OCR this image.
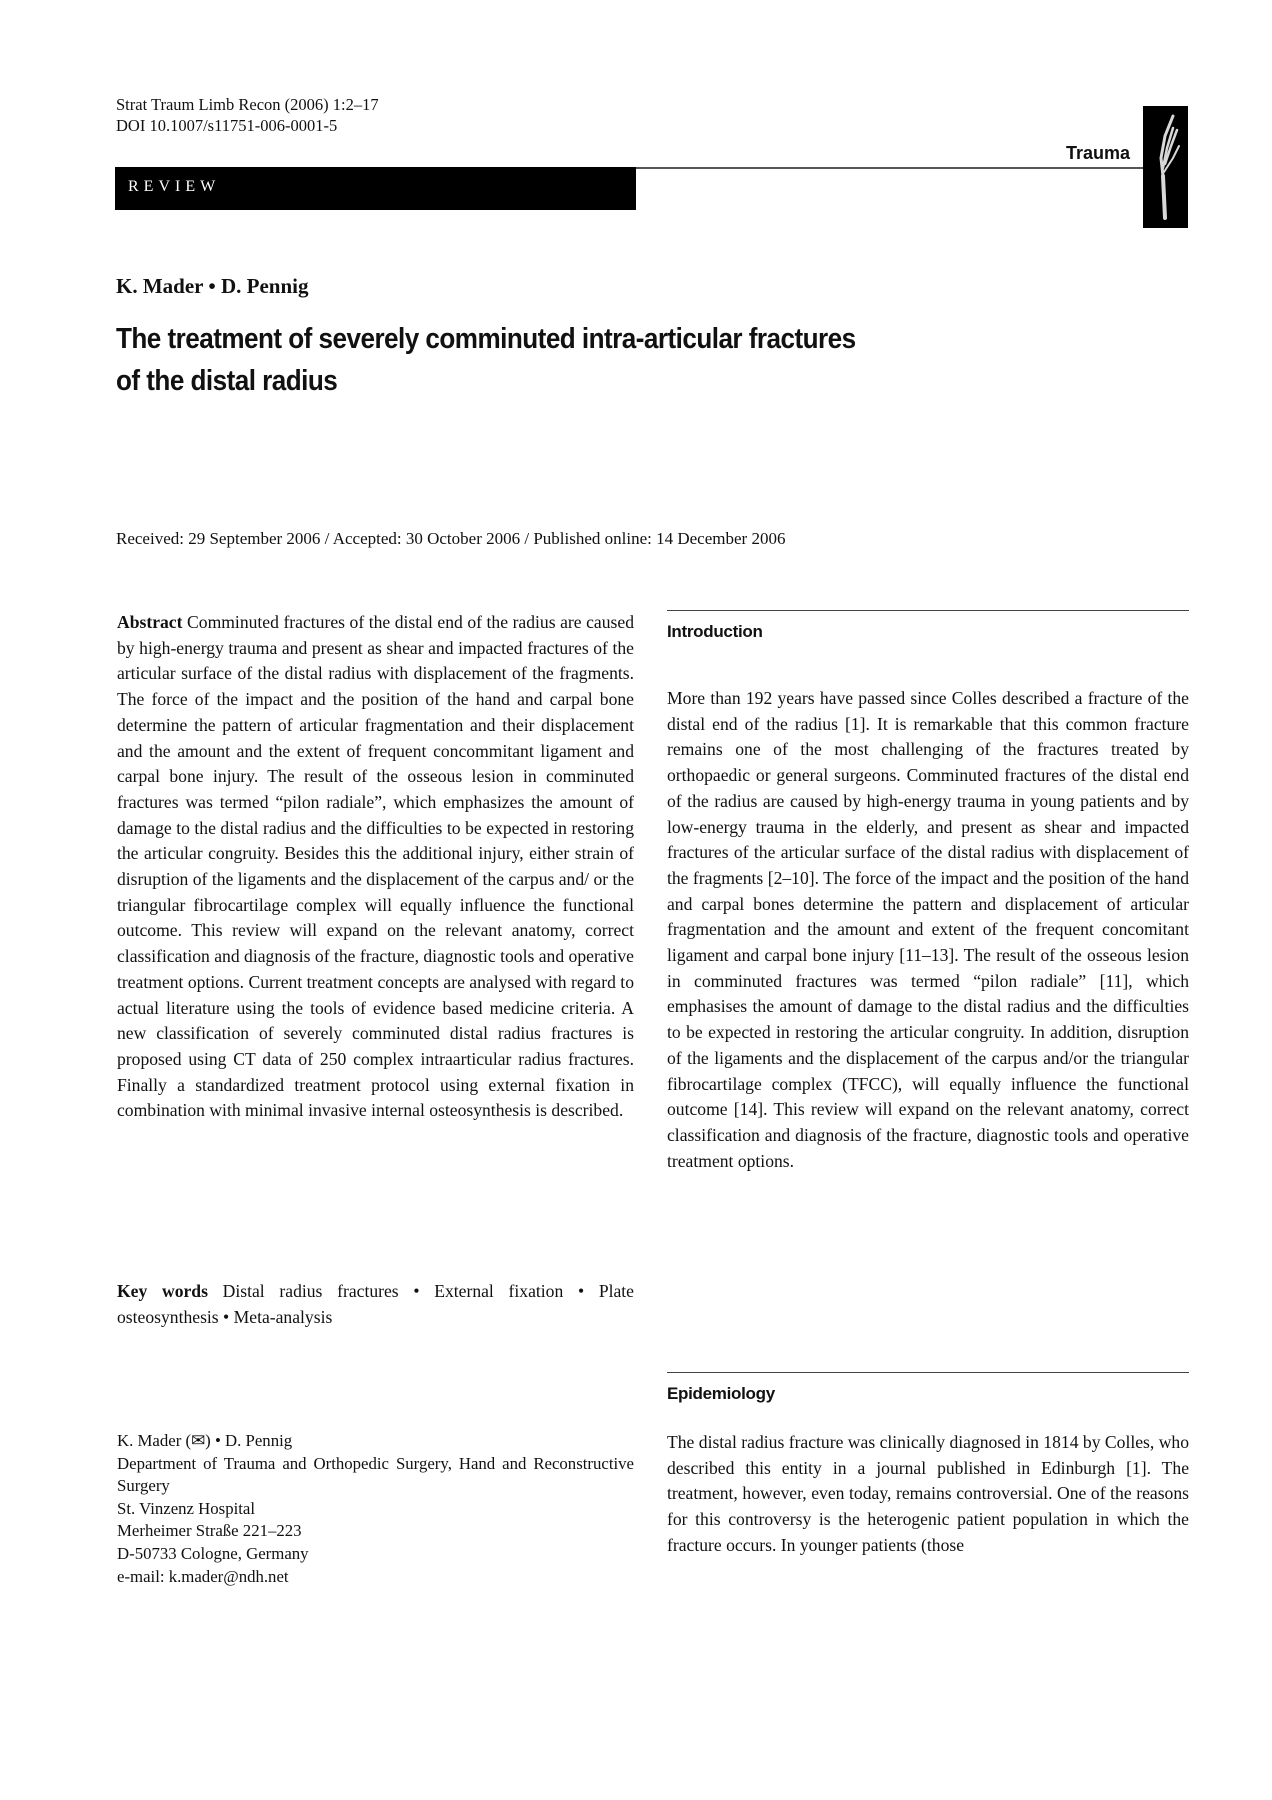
Strat Traum Limb Recon (2006) 1:2–17
DOI 10.1007/s11751-006-0001-5
REVIEW
Trauma
K. Mader • D. Pennig
The treatment of severely comminuted intra-articular fractures
of the distal radius
Received: 29 September 2006 / Accepted: 30 October 2006 / Published online: 14 December 2006
Abstract Comminuted fractures of the distal end of the radius are caused by high-energy trauma and present as shear and impacted fractures of the articular surface of the distal radius with displacement of the fragments. The force of the impact and the position of the hand and carpal bone determine the pattern of articular fragmentation and their displacement and the amount and the extent of frequent concommitant ligament and carpal bone injury. The result of the osseous lesion in comminuted fractures was termed “pilon radiale”, which emphasizes the amount of damage to the distal radius and the difficulties to be expected in restoring the articular congruity. Besides this the additional injury, either strain of disruption of the ligaments and the displacement of the carpus and/ or the triangular fibrocartilage complex will equally influence the functional outcome. This review will expand on the relevant anatomy, correct classification and diagnosis of the fracture, diagnostic tools and operative treatment options. Current treatment concepts are analysed with regard to actual literature using the tools of evidence based medicine criteria. A new classification of severely comminuted distal radius fractures is proposed using CT data of 250 complex intraarticular radius fractures. Finally a standardized treatment protocol using external fixation in combination with minimal invasive internal osteosynthesis is described.
Key words Distal radius fractures • External fixation • Plate osteosynthesis • Meta-analysis
K. Mader (✉) • D. Pennig
Department of Trauma and Orthopedic Surgery, Hand and Reconstructive Surgery
St. Vinzenz Hospital
Merheimer Straße 221–223
D-50733 Cologne, Germany
e-mail: k.mader@ndh.net
Introduction
More than 192 years have passed since Colles described a fracture of the distal end of the radius [1]. It is remarkable that this common fracture remains one of the most challenging of the fractures treated by orthopaedic or general surgeons. Comminuted fractures of the distal end of the radius are caused by high-energy trauma in young patients and by low-energy trauma in the elderly, and present as shear and impacted fractures of the articular surface of the distal radius with displacement of the fragments [2–10]. The force of the impact and the position of the hand and carpal bones determine the pattern and displacement of articular fragmentation and the amount and extent of the frequent concomitant ligament and carpal bone injury [11–13]. The result of the osseous lesion in comminuted fractures was termed “pilon radiale” [11], which emphasises the amount of damage to the distal radius and the difficulties to be expected in restoring the articular congruity. In addition, disruption of the ligaments and the displacement of the carpus and/or the triangular fibrocartilage complex (TFCC), will equally influence the functional outcome [14]. This review will expand on the relevant anatomy, correct classification and diagnosis of the fracture, diagnostic tools and operative treatment options.
Epidemiology
The distal radius fracture was clinically diagnosed in 1814 by Colles, who described this entity in a journal published in Edinburgh [1]. The treatment, however, even today, remains controversial. One of the reasons for this controversy is the heterogenic patient population in which the fracture occurs. In younger patients (those
